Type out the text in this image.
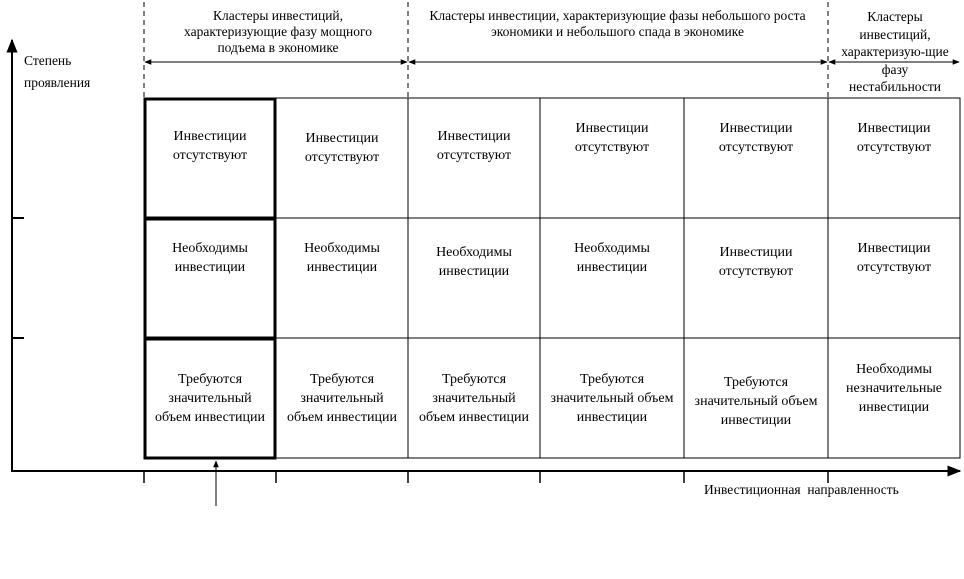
Кластеры инвестиций, характеризующие фазу мощного подъема в экономике
Кластеры инвестиции, характеризующие фазы небольшого роста экономики и небольшого спада в экономике
Кластеры инвестиций, характеризую-щие фазу нестабильности
Степень проявления
Инвестиционная  направленность
Инвестиции отсутствуют
Инвестиции отсутствуют
Инвестиции отсутствуют
Инвестиции отсутствуют
Инвестиции отсутствуют
Инвестиции отсутствуют
Необходимы инвестиции
Необходимы инвестиции
Необходимы инвестиции
Необходимы инвестиции
Инвестиции отсутствуют
Инвестиции отсутствуют
Требуются значительный объем инвестиции
Требуются значительный объем инвестиции
Требуются значительный объем инвестиции
Требуются значительный объем инвестиции
Требуются значительный объем инвестиции
Необходимы незначительные инвестиции
